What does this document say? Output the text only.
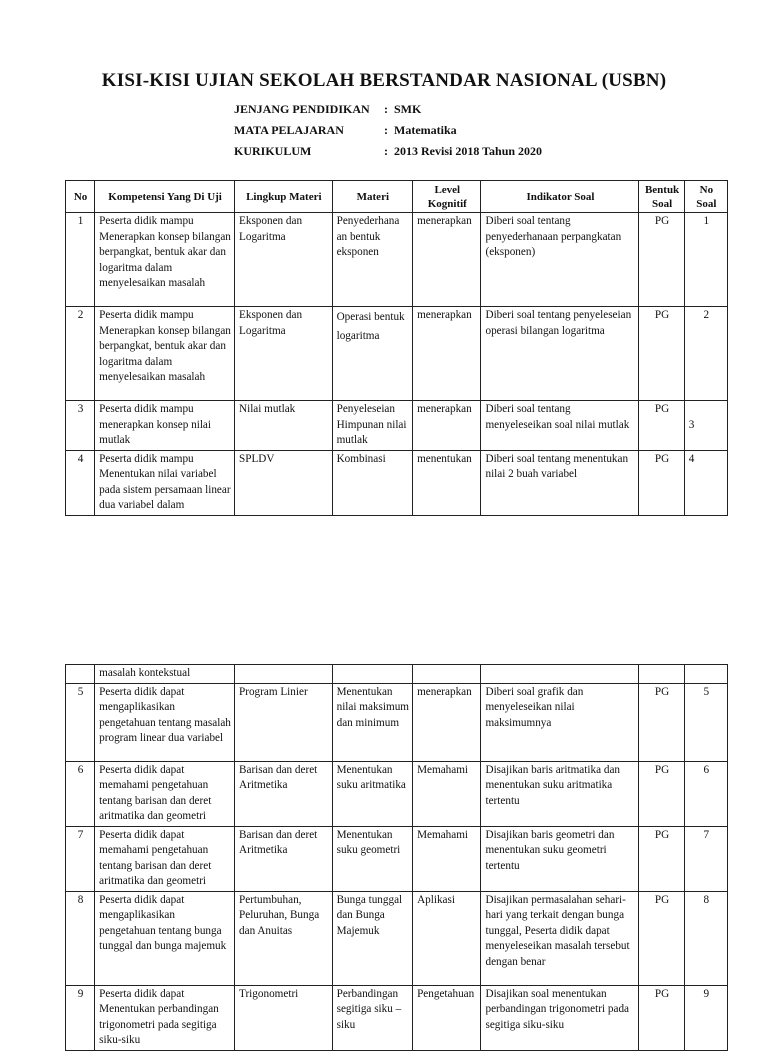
KISI-KISI UJIAN SEKOLAH BERSTANDAR NASIONAL (USBN)
JENJANG PENDIDIKAN	: SMK
MATA PELAJARAN	: Matematika
KURIKULUM	: 2013 Revisi 2018 Tahun 2020
No	Kompetensi Yang Di Uji	Lingkup Materi	Materi	Level Kognitif	Indikator Soal	Bentuk Soal	No Soal
1	Peserta didik mampu Menerapkan konsep bilangan berpangkat, bentuk akar dan logaritma dalam menyelesaikan masalah	Eksponen dan Logaritma	Penyederhana an bentuk eksponen	menerapkan	Diberi soal tentang penyederhanaan perpangkatan (eksponen)	PG	1
2	Peserta didik mampu Menerapkan konsep bilangan berpangkat, bentuk akar dan logaritma dalam menyelesaikan masalah	Eksponen dan Logaritma	Operasi bentuk logaritma	menerapkan	Diberi soal tentang penyeleseian operasi bilangan logaritma	PG	2
3	Peserta didik mampu menerapkan konsep nilai mutlak	Nilai mutlak	Penyeleseian Himpunan nilai mutlak	menerapkan	Diberi soal tentang menyeleseikan soal nilai mutlak	PG	3
4	Peserta didik mampu Menentukan nilai variabel pada sistem persamaan linear dua variabel dalam	SPLDV	Kombinasi	menentukan	Diberi soal tentang menentukan nilai 2 buah variabel	PG	4
	masalah kontekstual						
5	Peserta didik dapat mengaplikasikan pengetahuan tentang masalah program linear dua variabel	Program Linier	Menentukan nilai maksimum dan minimum	menerapkan	Diberi soal grafik dan menyeleseikan nilai maksimumnya	PG	5
6	Peserta didik dapat memahami pengetahuan tentang barisan dan deret aritmatika dan geometri	Barisan dan deret Aritmetika	Menentukan suku aritmatika	Memahami	Disajikan baris aritmatika dan menentukan suku aritmatika tertentu	PG	6
7	Peserta didik dapat memahami pengetahuan tentang barisan dan deret aritmatika dan geometri	Barisan dan deret Aritmetika	Menentukan suku geometri	Memahami	Disajikan baris geometri dan menentukan suku geometri tertentu	PG	7
8	Peserta didik dapat mengaplikasikan pengetahuan tentang bunga tunggal dan bunga majemuk	Pertumbuhan, Peluruhan, Bunga dan Anuitas	Bunga tunggal dan Bunga Majemuk	Aplikasi	Disajikan permasalahan sehari-hari yang terkait dengan bunga tunggal, Peserta didik dapat menyeleseikan masalah tersebut dengan benar	PG	8
9	Peserta didik dapat Menentukan perbandingan trigonometri pada segitiga siku-siku	Trigonometri	Perbandingan segitiga siku – siku	Pengetahuan	Disajikan soal menentukan perbandingan trigonometri pada segitiga siku-siku	PG	9
